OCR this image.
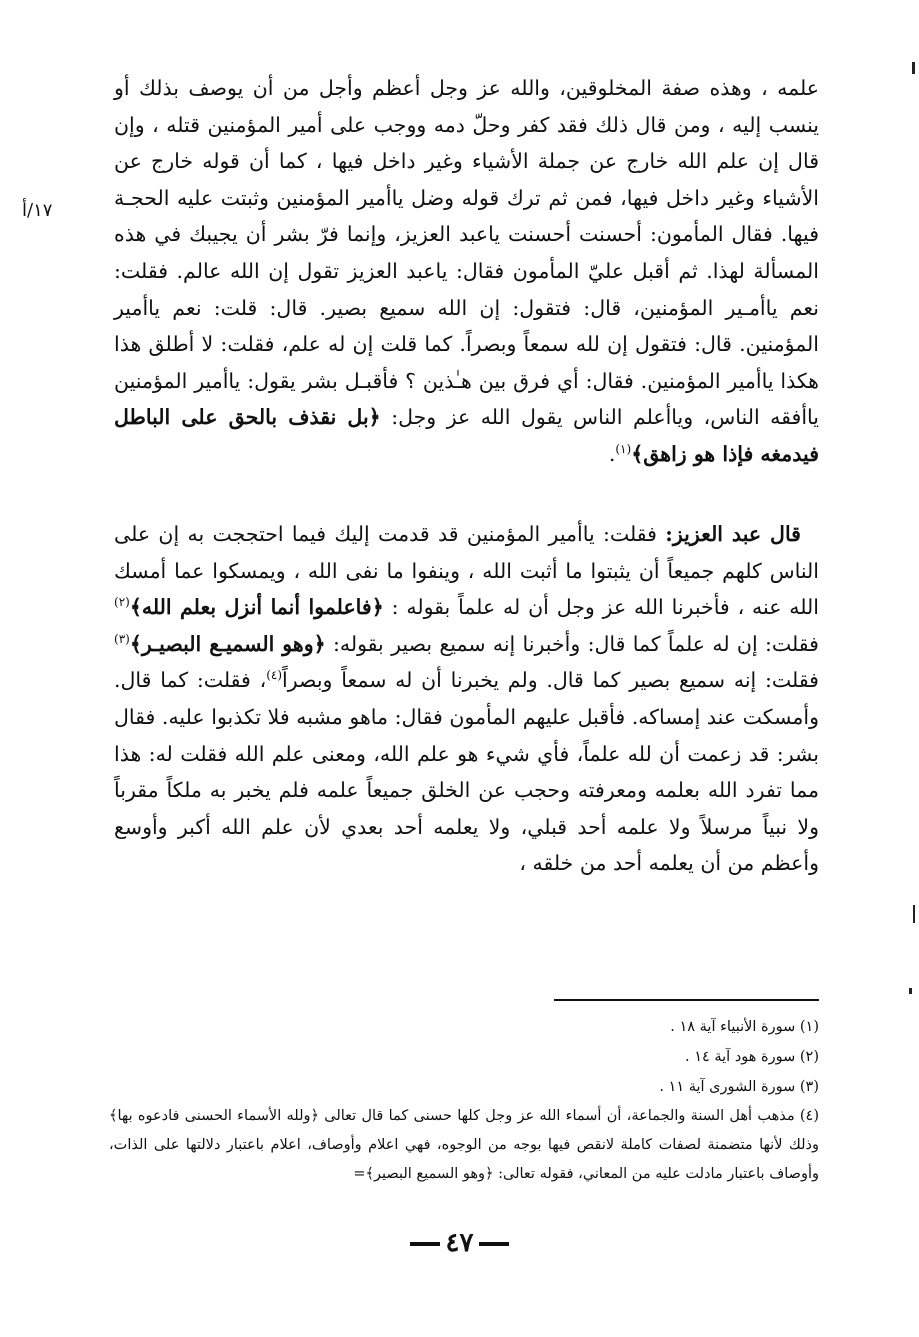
١٧/أ

علمه ، وهذه صفة المخلوقين، والله عز وجل أعظم وأجل من أن يوصف بذلك أو ينسب إليه ، ومن قال ذلك فقد كفر وحلّ دمه ووجب على أمير المؤمنين قتله ، وإن قال إن علم الله خارج عن جملة الأشياء وغير داخل فيها ، كما أن قوله خارج عن الأشياء وغير داخل فيها، فمن ثم ترك قوله وضل ياأمير المؤمنين وثبتت عليه الحجـة فيها. فقال المأمون: أحسنت أحسنت ياعبد العزيز، وإنما فرّ بشر أن يجيبك في هذه المسألة لهذا. ثم أقبل عليّ المأمون فقال: ياعبد العزيز تقول إن الله عالم. فقلت: نعم ياأمـير المؤمنين، قال: فتقول: إن الله سميع بصير. قال: قلت: نعم ياأمير المؤمنين. قال: فتقول إن لله سمعاً وبصراً. كما قلت إن له علم، فقلت: لا أطلق هذا هكذا ياأمير المؤمنين. فقال: أي فرق بين هـٰذين ؟ فأقبـل بشر يقول: ياأمير المؤمنين ياأفقه الناس، وياأعلم الناس يقول الله عز وجل: ﴿بل نقذف بالحق على الباطل فيدمغه فإذا هو زاهق﴾$^{(١)}$.

قال عبد العزيز: فقلت: ياأمير المؤمنين قد قدمت إليك فيما احتججت به إن على الناس كلهم جميعاً أن يثبتوا ما أثبت الله ، وينفوا ما نفى الله ، ويمسكوا عما أمسك الله عنه ، فأخبرنا الله عز وجل أن له علماً بقوله : ﴿فاعلموا أنما أنزل بعلم الله﴾$^{(٢)}$ فقلت: إن له علماً كما قال: وأخبرنا إنه سميع بصير بقوله: ﴿وهو السميـع البصيـر﴾$^{(٣)}$ فقلت: إنه سميع بصير كما قال. ولم يخبرنا أن له سمعاً وبصراً$^{(٤)}$، فقلت: كما قال. وأمسكت عند إمساكه. فأقبل عليهم المأمون فقال: ماهو مشبه فلا تكذبوا عليه. فقال بشر: قد زعمت أن لله علماً، فأي شيء هو علم الله، ومعنى علم الله فقلت له: هذا مما تفرد الله بعلمه ومعرفته وحجب عن الخلق جميعاً علمه فلم يخبر به ملكاً مقرباً ولا نبياً مرسلاً ولا علمه أحد قبلي، ولا يعلمه أحد بعدي لأن علم الله أكبر وأوسع وأعظم من أن يعلمه أحد من خلقه ،

(١) سورة الأنبياء آية ١٨ .

(٢) سورة هود آية ١٤ .

(٣) سورة الشورى آية ١١ .

(٤) مذهب أهل السنة والجماعة، أن أسماء الله عز وجل كلها حسنى كما قال تعالى ﴿ولله الأسماء الحسنى فادعوه بها﴾ وذلك لأنها متضمنة لصفات كاملة لانقص فيها بوجه من الوجوه، فهي اعلام وأوصاف، اعلام باعتبار دلالتها على الذات، وأوصاف باعتبار مادلت عليه من المعاني، فقوله تعالى: ﴿وهو السميع البصير﴾=

٤٧
